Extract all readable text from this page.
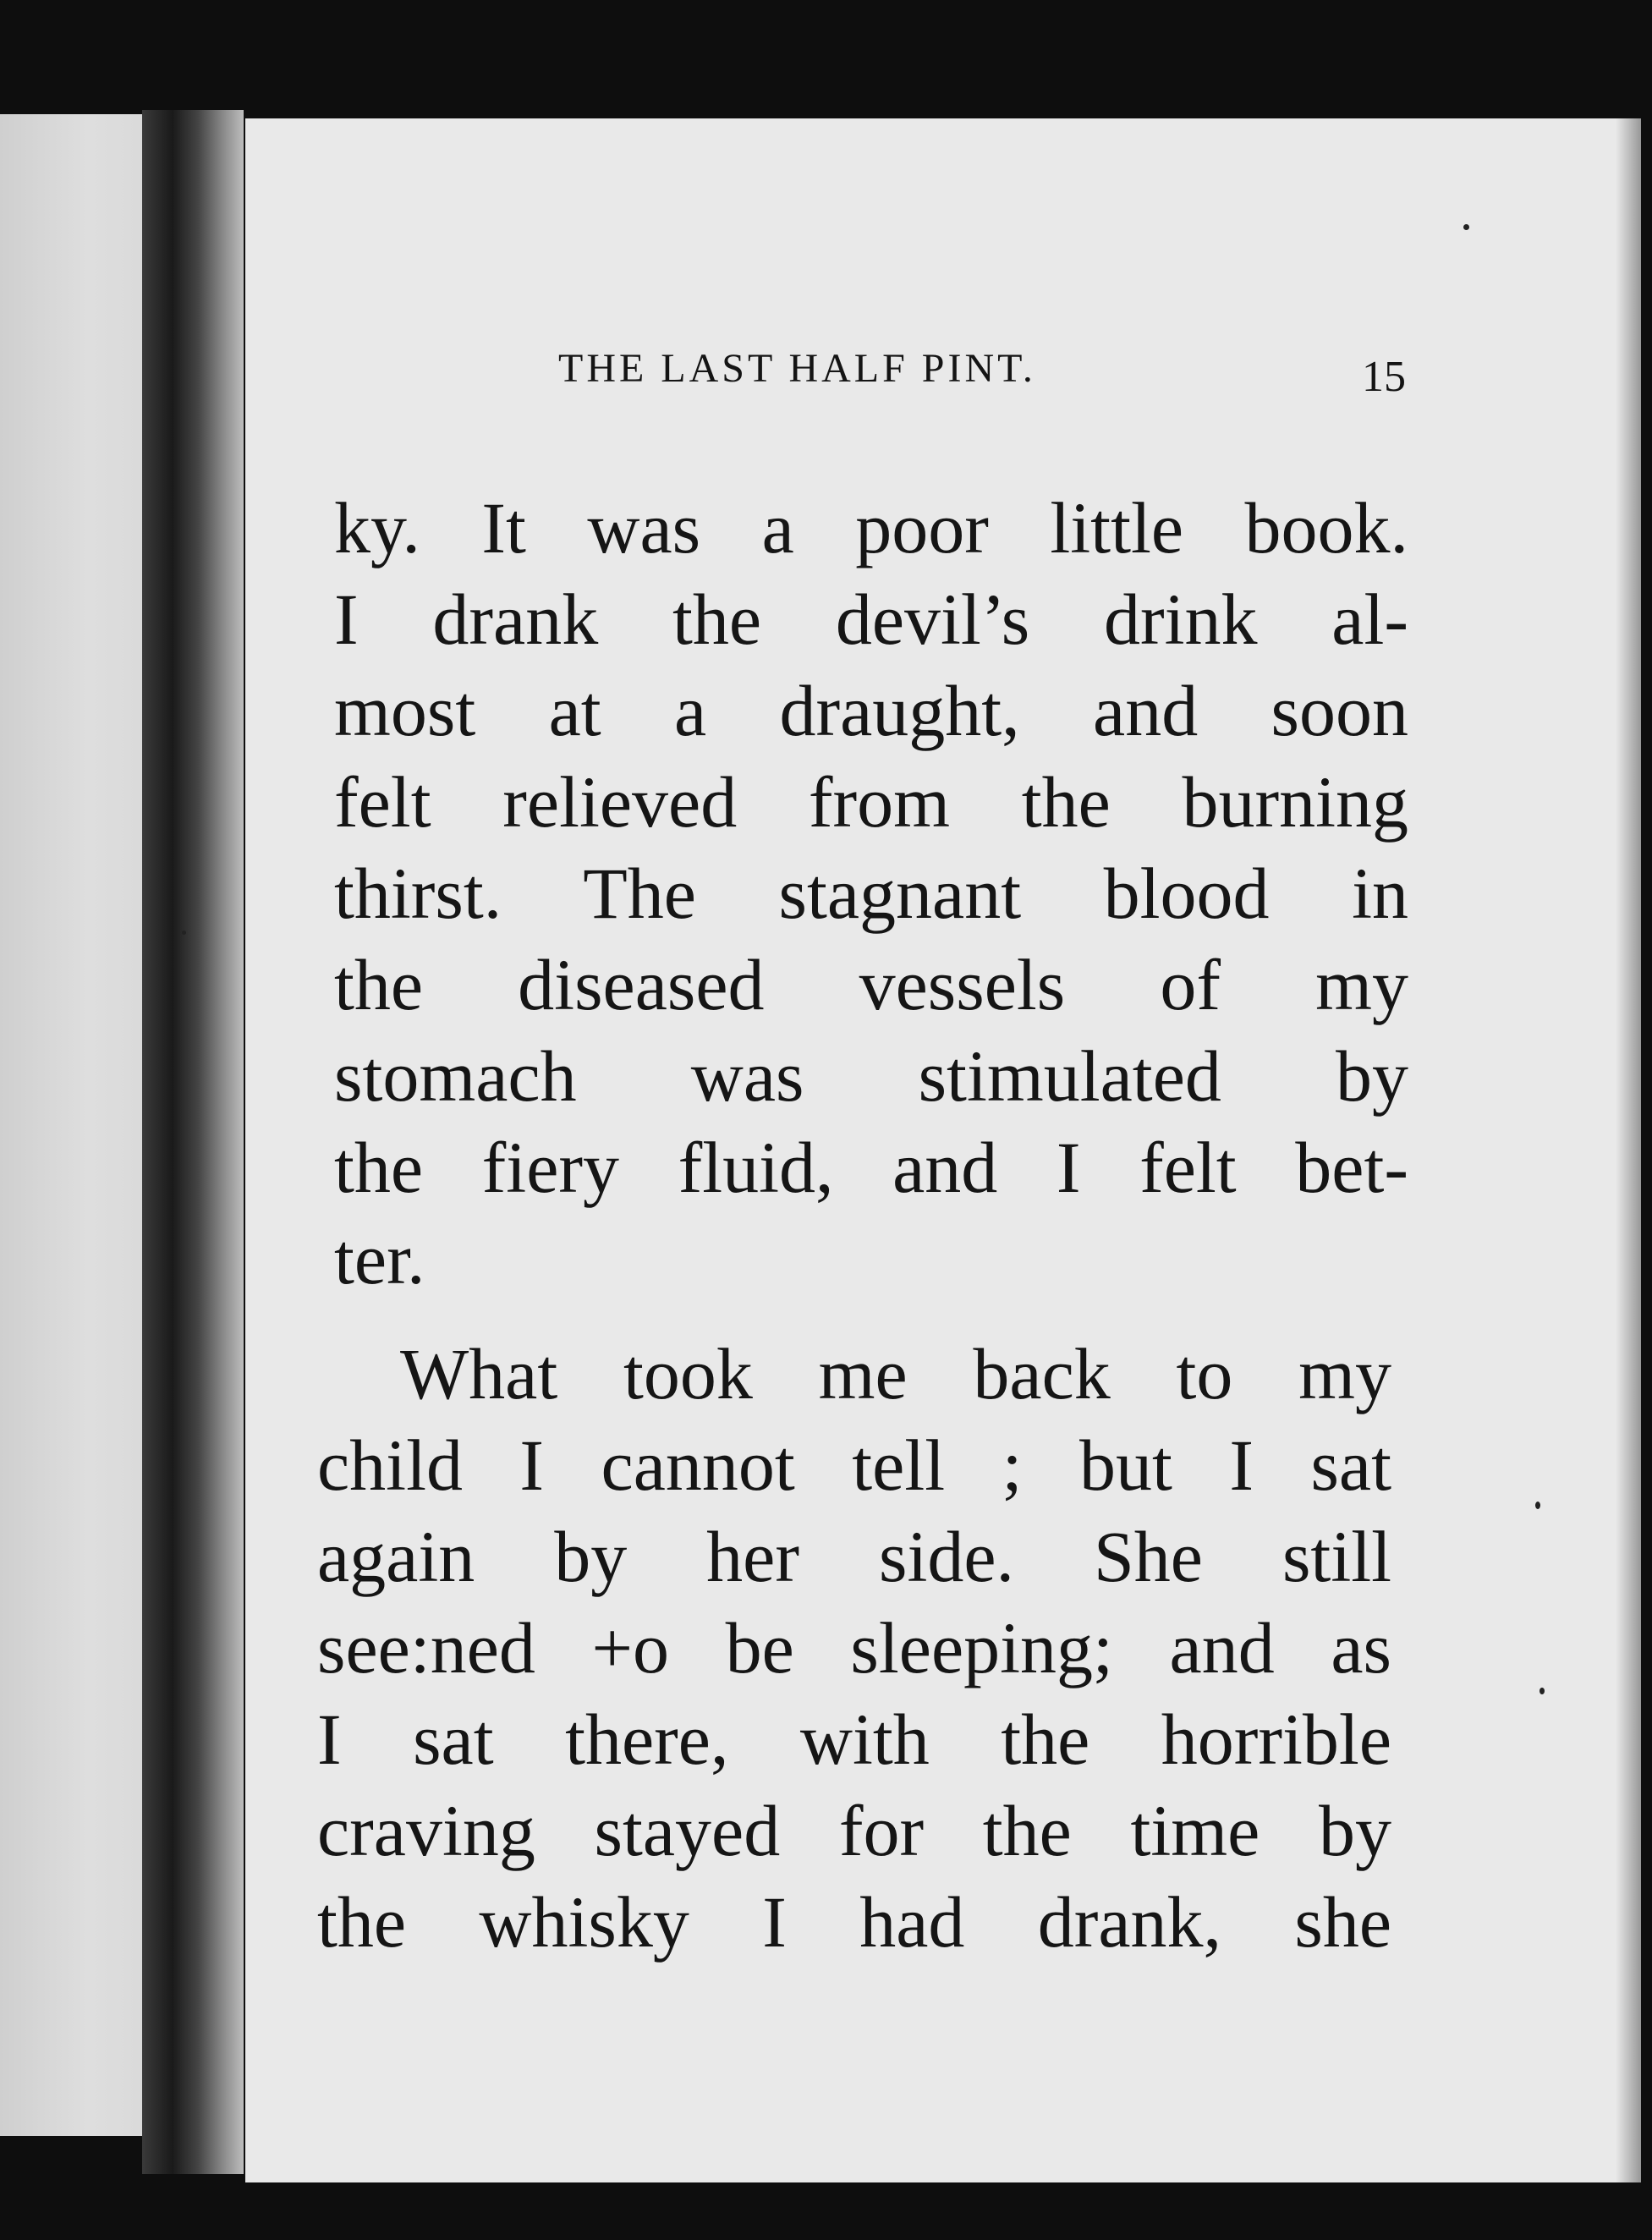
THE LAST HALF PINT.	15
ky. It was a poor little book.
I drank the devil’s drink al-
most at a draught, and soon
felt relieved from the burning
thirst. The stagnant blood in
the diseased vessels of my
stomach was stimulated by
the fiery fluid, and I felt bet-
ter.
What took me back to my
child I cannot tell ; but I sat
again by her side. She still
see:ned +o be sleeping; and as
I sat there, with the horrible
craving stayed for the time by
the whisky I had drank, she
